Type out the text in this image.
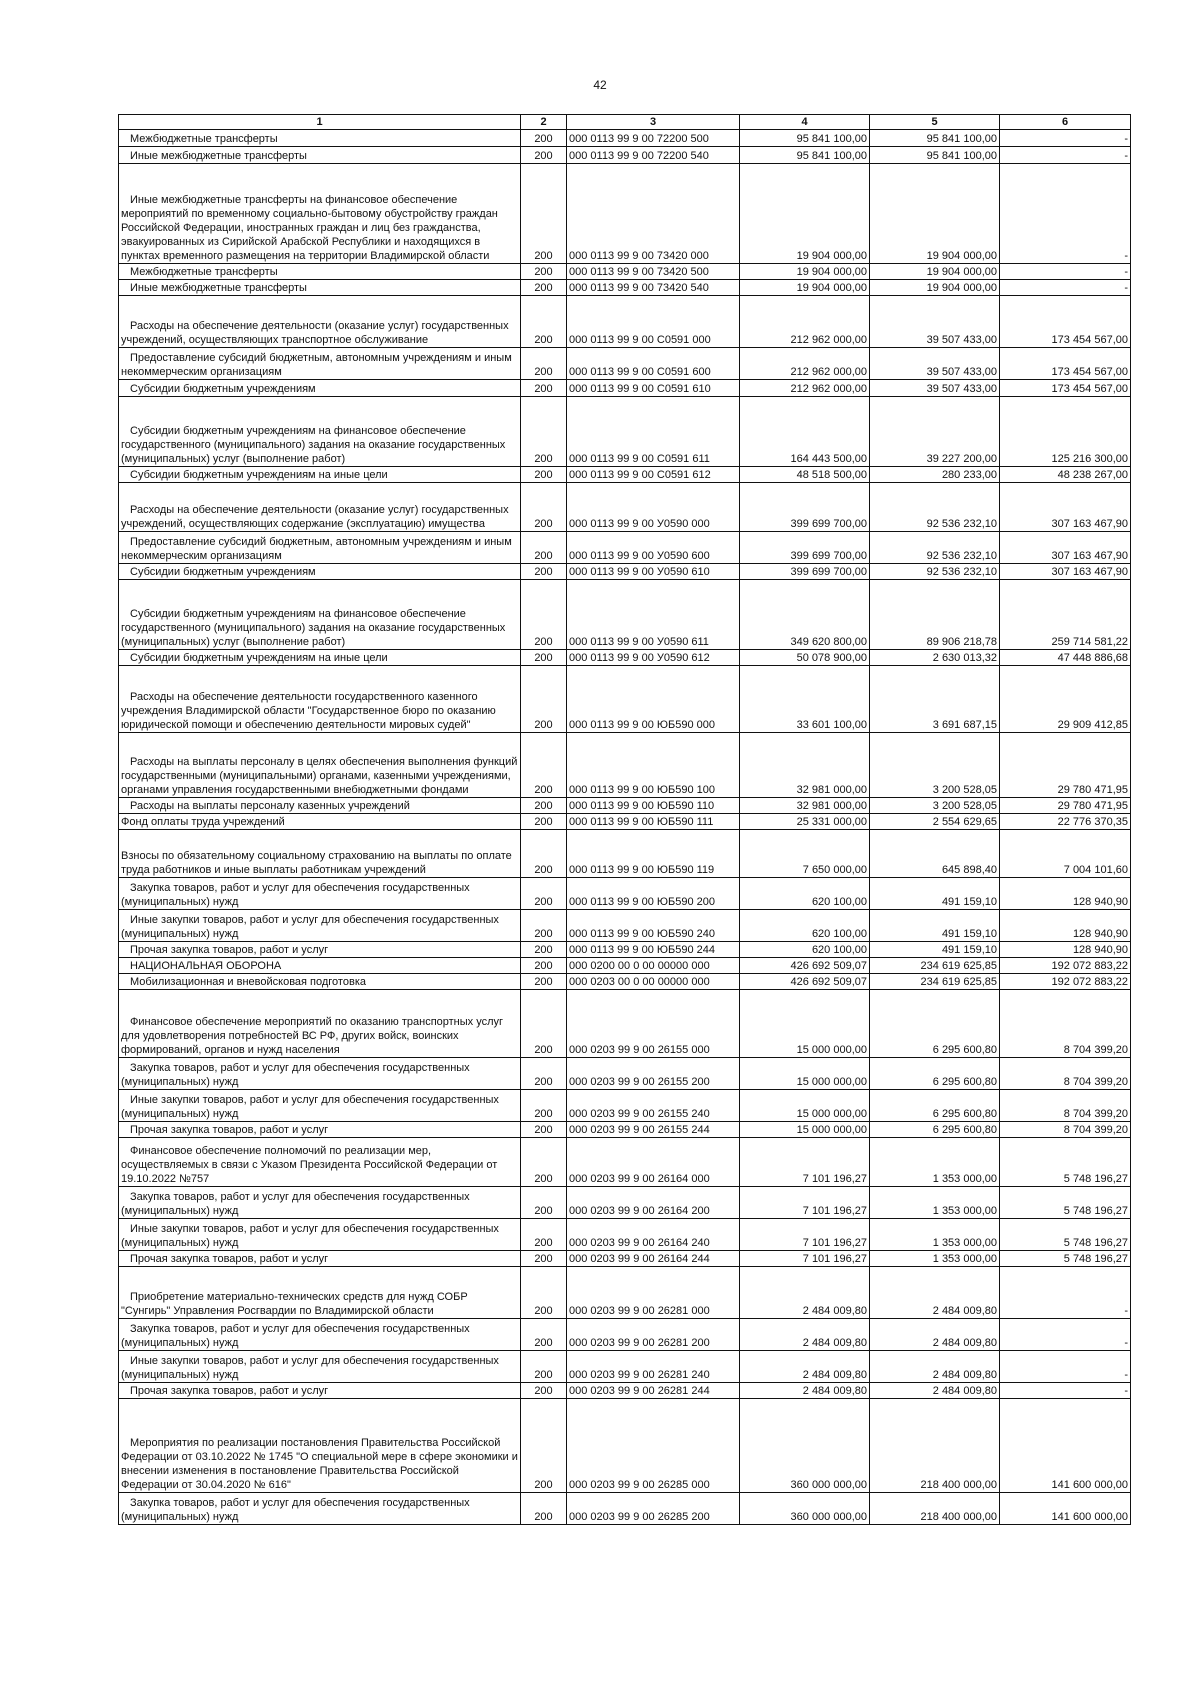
42
1	2	3	4	5	6

Межбюджетные трансферты	200	000 0113 99 9 00 72200 500	95 841 100,00	95 841 100,00	-

Иные межбюджетные трансферты	200	000 0113 99 9 00 72200 540	95 841 100,00	95 841 100,00	-

Иные межбюджетные трансферты на финансовое обеспечение мероприятий по временному социально-бытовому обустройству граждан Российской Федерации, иностранных граждан и лиц без гражданства, эвакуированных из Сирийской Арабской Республики и находящихся в пунктах временного размещения на территории Владимирской области	200	000 0113 99 9 00 73420 000	19 904 000,00	19 904 000,00	-

Межбюджетные трансферты	200	000 0113 99 9 00 73420 500	19 904 000,00	19 904 000,00	-

Иные межбюджетные трансферты	200	000 0113 99 9 00 73420 540	19 904 000,00	19 904 000,00	-

Расходы на обеспечение деятельности (оказание услуг) государственных учреждений, осуществляющих транспортное обслуживание	200	000 0113 99 9 00 С0591 000	212 962 000,00	39 507 433,00	173 454 567,00

Предоставление субсидий бюджетным, автономным учреждениям и иным некоммерческим организациям	200	000 0113 99 9 00 С0591 600	212 962 000,00	39 507 433,00	173 454 567,00

Субсидии бюджетным учреждениям	200	000 0113 99 9 00 С0591 610	212 962 000,00	39 507 433,00	173 454 567,00

Субсидии бюджетным учреждениям на финансовое обеспечение государственного (муниципального) задания на оказание государственных (муниципальных) услуг (выполнение работ)	200	000 0113 99 9 00 С0591 611	164 443 500,00	39 227 200,00	125 216 300,00

Субсидии бюджетным учреждениям на иные цели	200	000 0113 99 9 00 С0591 612	48 518 500,00	280 233,00	48 238 267,00

Расходы на обеспечение деятельности (оказание услуг) государственных учреждений, осуществляющих содержание (эксплуатацию) имущества	200	000 0113 99 9 00 У0590 000	399 699 700,00	92 536 232,10	307 163 467,90

Предоставление субсидий бюджетным, автономным учреждениям и иным некоммерческим организациям	200	000 0113 99 9 00 У0590 600	399 699 700,00	92 536 232,10	307 163 467,90

Субсидии бюджетным учреждениям	200	000 0113 99 9 00 У0590 610	399 699 700,00	92 536 232,10	307 163 467,90

Субсидии бюджетным учреждениям на финансовое обеспечение государственного (муниципального) задания на оказание государственных (муниципальных) услуг (выполнение работ)	200	000 0113 99 9 00 У0590 611	349 620 800,00	89 906 218,78	259 714 581,22

Субсидии бюджетным учреждениям на иные цели	200	000 0113 99 9 00 У0590 612	50 078 900,00	2 630 013,32	47 448 886,68

Расходы на обеспечение деятельности государственного казенного учреждения Владимирской области "Государственное бюро по оказанию юридической помощи и обеспечению деятельности мировых судей"	200	000 0113 99 9 00 ЮБ590 000	33 601 100,00	3 691 687,15	29 909 412,85

Расходы на выплаты персоналу в целях обеспечения выполнения функций государственными (муниципальными) органами, казенными учреждениями, органами управления государственными внебюджетными фондами	200	000 0113 99 9 00 ЮБ590 100	32 981 000,00	3 200 528,05	29 780 471,95

Расходы на выплаты персоналу казенных учреждений	200	000 0113 99 9 00 ЮБ590 110	32 981 000,00	3 200 528,05	29 780 471,95

Фонд оплаты труда учреждений	200	000 0113 99 9 00 ЮБ590 111	25 331 000,00	2 554 629,65	22 776 370,35

Взносы по обязательному социальному страхованию на выплаты по оплате труда работников и иные выплаты работникам учреждений	200	000 0113 99 9 00 ЮБ590 119	7 650 000,00	645 898,40	7 004 101,60

Закупка товаров, работ и услуг для обеспечения государственных (муниципальных) нужд	200	000 0113 99 9 00 ЮБ590 200	620 100,00	491 159,10	128 940,90

Иные закупки товаров, работ и услуг для обеспечения государственных (муниципальных) нужд	200	000 0113 99 9 00 ЮБ590 240	620 100,00	491 159,10	128 940,90

Прочая закупка товаров, работ и услуг	200	000 0113 99 9 00 ЮБ590 244	620 100,00	491 159,10	128 940,90

НАЦИОНАЛЬНАЯ ОБОРОНА	200	000 0200 00 0 00 00000 000	426 692 509,07	234 619 625,85	192 072 883,22

Мобилизационная и вневойсковая подготовка	200	000 0203 00 0 00 00000 000	426 692 509,07	234 619 625,85	192 072 883,22

Финансовое обеспечение мероприятий по оказанию транспортных услуг для удовлетворения потребностей ВС РФ, других войск, воинских формирований, органов и нужд населения	200	000 0203 99 9 00 26155 000	15 000 000,00	6 295 600,80	8 704 399,20

Закупка товаров, работ и услуг для обеспечения государственных (муниципальных) нужд	200	000 0203 99 9 00 26155 200	15 000 000,00	6 295 600,80	8 704 399,20

Иные закупки товаров, работ и услуг для обеспечения государственных (муниципальных) нужд	200	000 0203 99 9 00 26155 240	15 000 000,00	6 295 600,80	8 704 399,20

Прочая закупка товаров, работ и услуг	200	000 0203 99 9 00 26155 244	15 000 000,00	6 295 600,80	8 704 399,20

Финансовое обеспечение полномочий по реализации мер, осуществляемых в связи с Указом Президента Российской Федерации от 19.10.2022 №757	200	000 0203 99 9 00 26164 000	7 101 196,27	1 353 000,00	5 748 196,27

Закупка товаров, работ и услуг для обеспечения государственных (муниципальных) нужд	200	000 0203 99 9 00 26164 200	7 101 196,27	1 353 000,00	5 748 196,27

Иные закупки товаров, работ и услуг для обеспечения государственных (муниципальных) нужд	200	000 0203 99 9 00 26164 240	7 101 196,27	1 353 000,00	5 748 196,27

Прочая закупка товаров, работ и услуг	200	000 0203 99 9 00 26164 244	7 101 196,27	1 353 000,00	5 748 196,27

Приобретение материально-технических средств для нужд СОБР "Сунгирь" Управления Росгвардии по Владимирской области	200	000 0203 99 9 00 26281 000	2 484 009,80	2 484 009,80	-

Закупка товаров, работ и услуг для обеспечения государственных (муниципальных) нужд	200	000 0203 99 9 00 26281 200	2 484 009,80	2 484 009,80	-

Иные закупки товаров, работ и услуг для обеспечения государственных (муниципальных) нужд	200	000 0203 99 9 00 26281 240	2 484 009,80	2 484 009,80	-

Прочая закупка товаров, работ и услуг	200	000 0203 99 9 00 26281 244	2 484 009,80	2 484 009,80	-

Мероприятия по реализации постановления Правительства Российской Федерации от 03.10.2022 № 1745 "О специальной мере в сфере экономики и внесении изменения в постановление Правительства Российской Федерации от 30.04.2020 № 616"	200	000 0203 99 9 00 26285 000	360 000 000,00	218 400 000,00	141 600 000,00

Закупка товаров, работ и услуг для обеспечения государственных (муниципальных) нужд	200	000 0203 99 9 00 26285 200	360 000 000,00	218 400 000,00	141 600 000,00
